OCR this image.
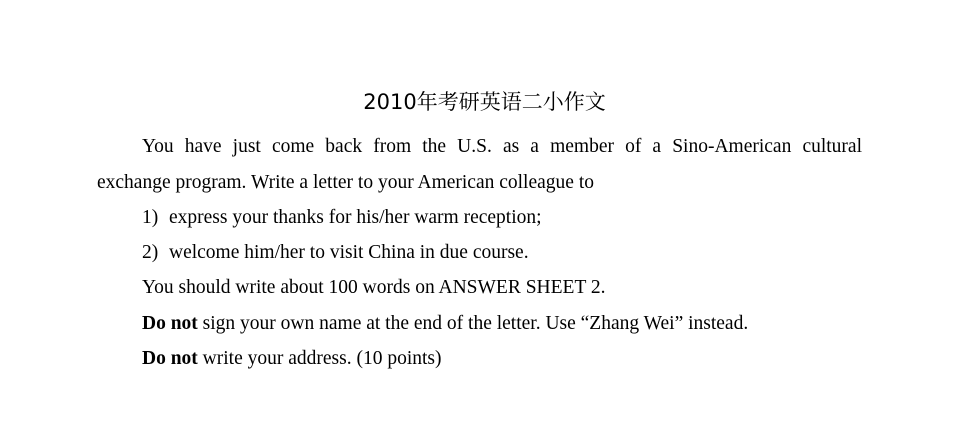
2010年考研英语二小作文
You have just come back from the U.S. as a member of a Sino-American cultural
exchange program. Write a letter to your American colleague to
1) express your thanks for his/her warm reception;
2) welcome him/her to visit China in due course.
You should write about 100 words on ANSWER SHEET 2.
Do not sign your own name at the end of the letter. Use “Zhang Wei” instead.
Do not write your address. (10 points)
